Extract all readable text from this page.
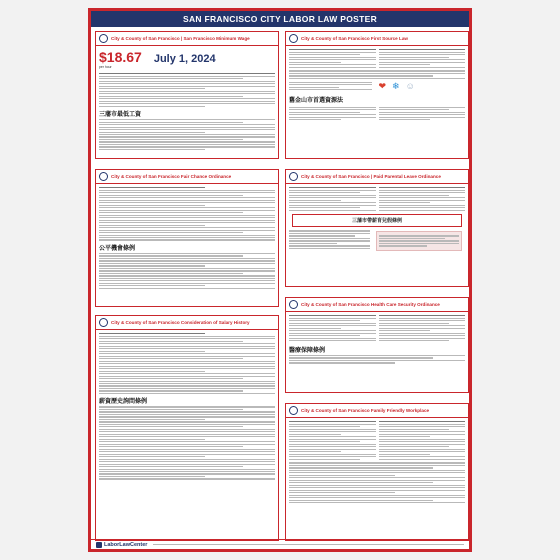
SAN FRANCISCO CITY LABOR LAW POSTER
City & County of San Francisco | San Francisco Minimum Wage
$18.67
per hour
July 1, 2024
三藩市最低工資
City & County of San Francisco Fair Chance Ordinance
公平機會條例
City & County of San Francisco Consideration of Salary History
薪資歷史詢問條例
City & County of San Francisco First Source Law
❤ ❄ ☺
舊金山市首選資源法
City & County of San Francisco | Paid Parental Leave Ordinance
三藩市帶薪育兒假條例
City & County of San Francisco Health Care Security Ordinance
醫療保障條例
City & County of San Francisco Family Friendly Workplace
LaborLawCenter
